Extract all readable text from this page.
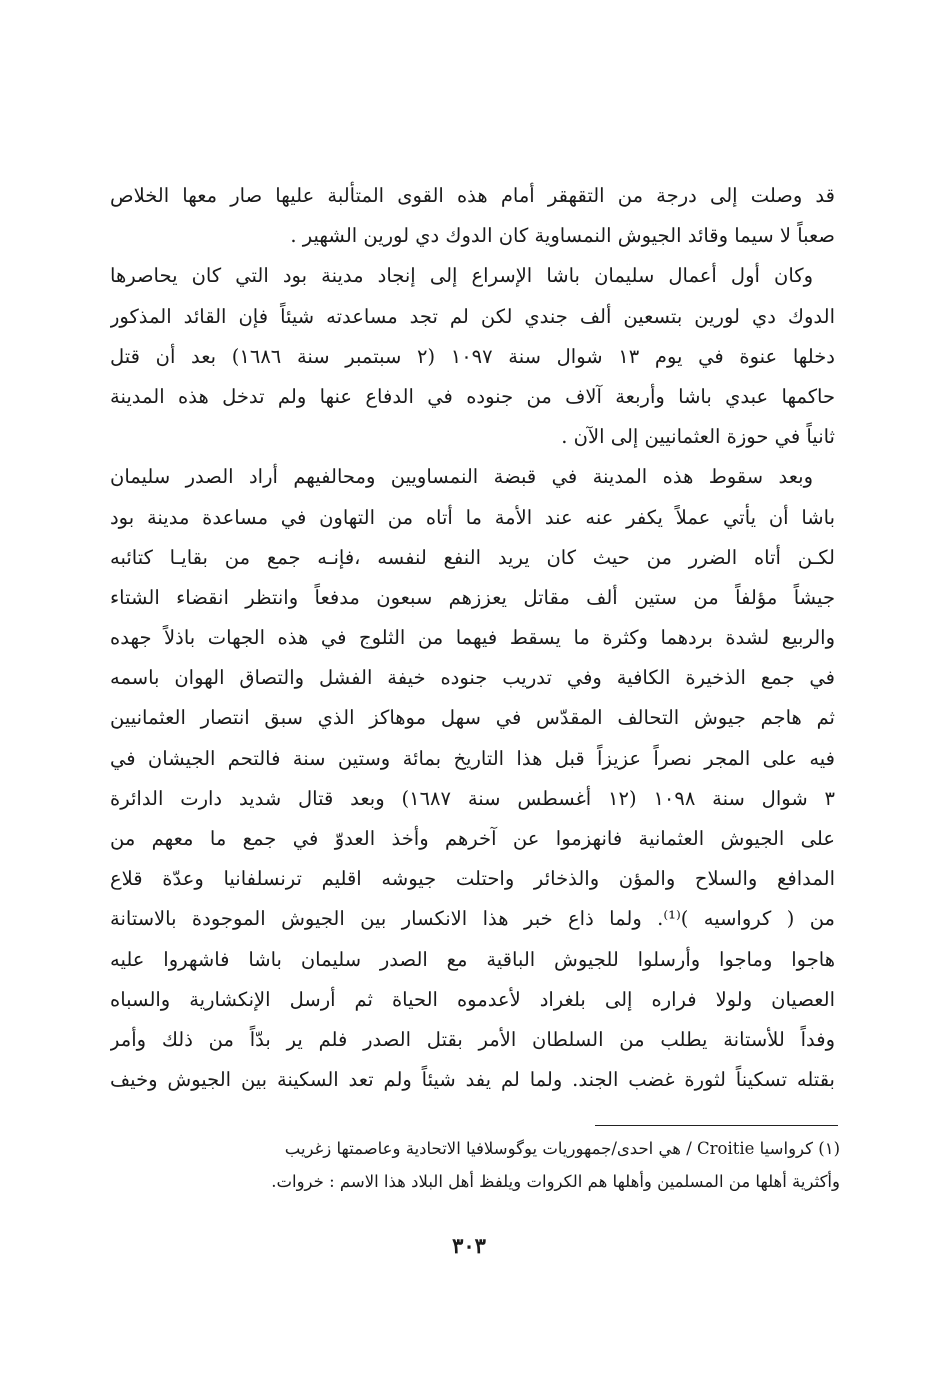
قد وصلت إلى درجة من التقهقر أمام هذه القوى المتألبة عليها صار معها الخلاص
صعباً لا سيما وقائد الجيوش النمساوية كان الدوك دي لورين الشهير .
وكان أول أعمال سليمان باشا الإسراع إلى إنجاد مدينة بود التي كان يحاصرها
الدوك دي لورين بتسعين ألف جندي لكن لم تجد مساعدته شيئاً فإن القائد المذكور
دخلها عنوة في يوم ١٣ شوال سنة ١٠٩٧ (٢ سبتمبر سنة ١٦٨٦) بعد أن قتل
حاكمها عبدي باشا وأربعة آلاف من جنوده في الدفاع عنها ولم تدخل هذه المدينة
ثانياً في حوزة العثمانيين إلى الآن .
وبعد سقوط هذه المدينة في قبضة النمساويين ومحالفيهم أراد الصدر سليمان
باشا أن يأتي عملاً يكفر عنه عند الأمة ما أتاه من التهاون في مساعدة مدينة بود
لكـن أتاه الضرر من حيث كان يريد النفع لنفسه ،فإنـه جمع من بقايـا كتائبه
جيشاً مؤلفاً من ستين ألف مقاتل يعززهم سبعون مدفعاً وانتظر انقضاء الشتاء
والربيع لشدة بردهما وكثرة ما يسقط فيهما من الثلوج في هذه الجهات باذلاً جهده
في جمع الذخيرة الكافية وفي تدريب جنوده خيفة الفشل والتصاق الهوان باسمه
ثم هاجم جيوش التحالف المقدّس في سهل موهاكز الذي سبق انتصار العثمانيين
فيه على المجر نصراً عزيزاً قبل هذا التاريخ بمائة وستين سنة فالتحم الجيشان في
٣ شوال سنة ١٠٩٨ (١٢ أغسطس سنة ١٦٨٧) وبعد قتال شديد دارت الدائرة
على الجيوش العثمانية فانهزموا عن آخرهم وأخذ العدوّ في جمع ما معهم من
المدافع والسلاح والمؤن والذخائر واحتلت جيوشه اقليم ترنسلفانيا وعدّة قلاع
من ( كرواسيه )⁽¹⁾. ولما ذاع خبر هذا الانكسار بين الجيوش الموجودة بالاستانة
هاجوا وماجوا وأرسلوا للجيوش الباقية مع الصدر سليمان باشا فاشهروا عليه
العصيان ولولا فراره إلى بلغراد لأعدموه الحياة ثم أرسل الإنكشارية والسباه
وفداً للأستانة يطلب من السلطان الأمر بقتل الصدر فلم ير بدّاً من ذلك وأمر
بقتله تسكيناً لثورة غضب الجند. ولما لم يفد شيئاً ولم تعد السكينة بين الجيوش وخيف
(١) كرواسيا Croitie / هي احدى/جمهوريات يوگوسلافيا الاتحادية وعاصمتها زغريب
وأكثرية أهلها من المسلمين وأهلها هم الكروات ويلفظ أهل البلاد هذا الاسم : خروات.
٣٠٣
